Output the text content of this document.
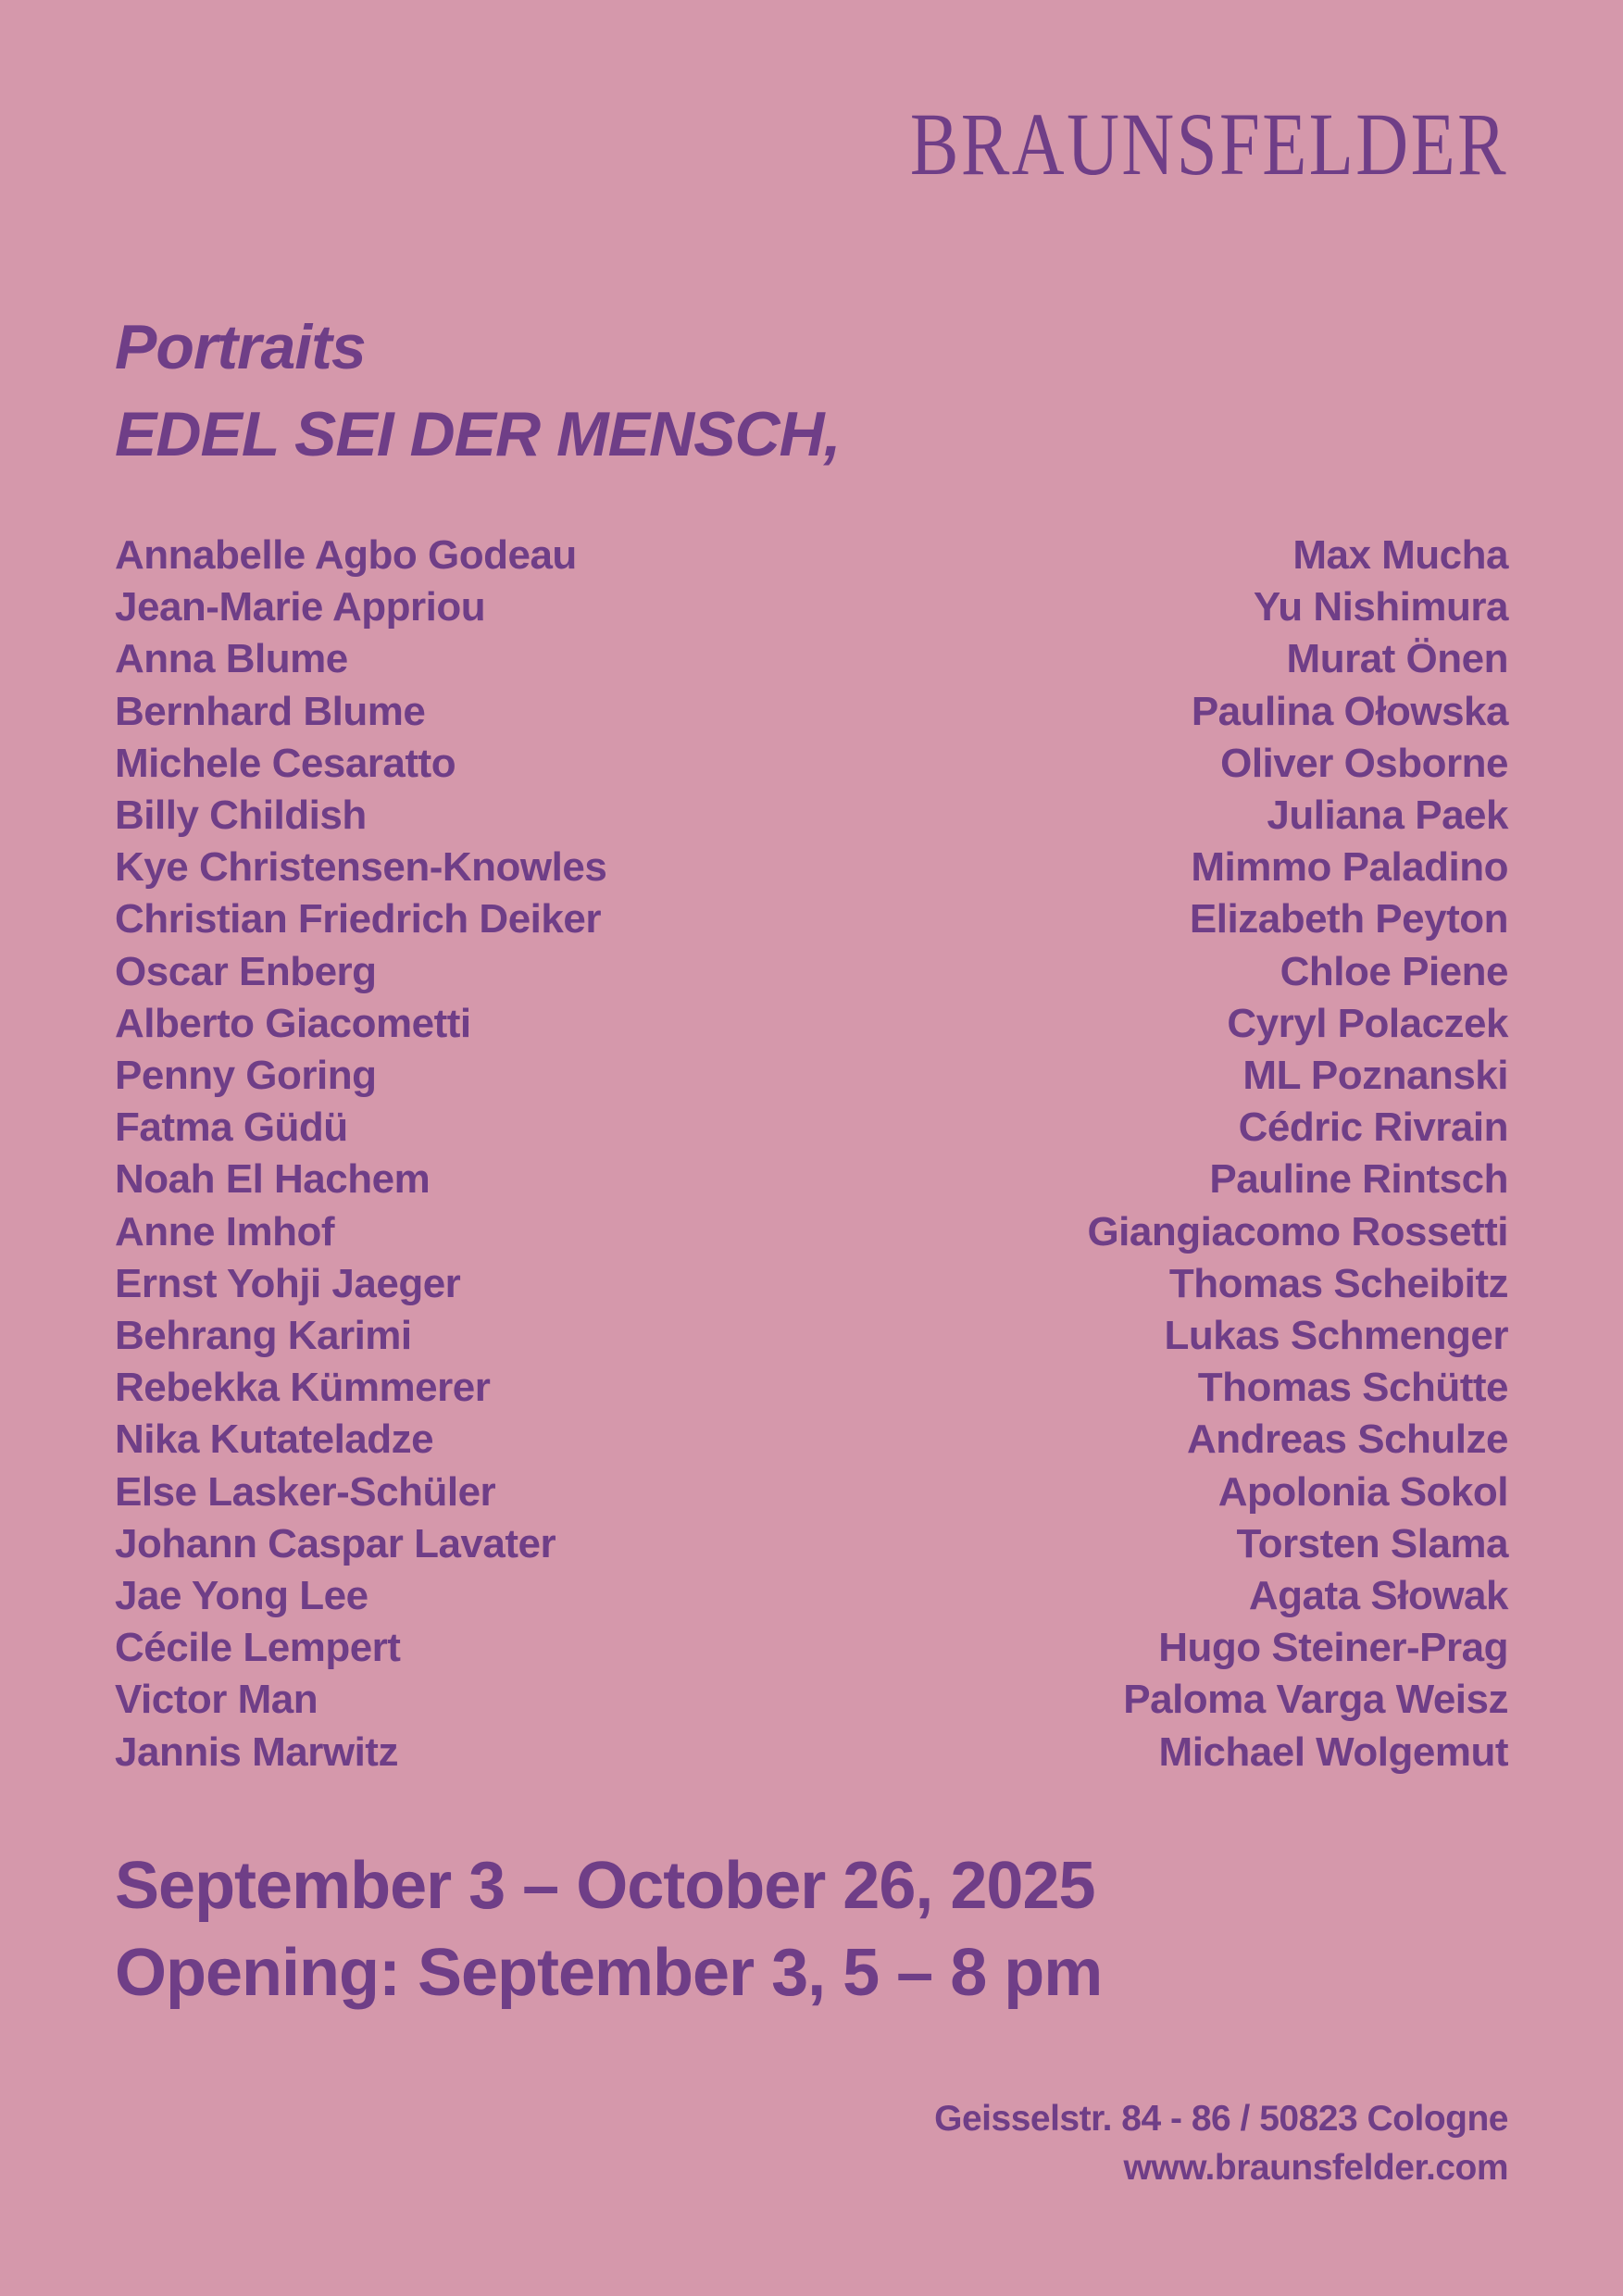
BRAUNSFELDER
Portraits
EDEL SEI DER MENSCH,
Annabelle Agbo Godeau
Jean-Marie Appriou
Anna Blume
Bernhard Blume
Michele Cesaratto
Billy Childish
Kye Christensen-Knowles
Christian Friedrich Deiker
Oscar Enberg
Alberto Giacometti
Penny Goring
Fatma Güdü
Noah El Hachem
Anne Imhof
Ernst Yohji Jaeger
Behrang Karimi
Rebekka Kümmerer
Nika Kutateladze
Else Lasker-Schüler
Johann Caspar Lavater
Jae Yong Lee
Cécile Lempert
Victor Man
Jannis Marwitz
Max Mucha
Yu Nishimura
Murat Önen
Paulina Ołowska
Oliver Osborne
Juliana Paek
Mimmo Paladino
Elizabeth Peyton
Chloe Piene
Cyryl Polaczek
ML Poznanski
Cédric Rivrain
Pauline Rintsch
Giangiacomo Rossetti
Thomas Scheibitz
Lukas Schmenger
Thomas Schütte
Andreas Schulze
Apolonia Sokol
Torsten Slama
Agata Słowak
Hugo Steiner-Prag
Paloma Varga Weisz
Michael Wolgemut
September 3 – October 26, 2025
Opening: September 3, 5 – 8 pm
Geisselstr. 84 - 86 / 50823 Cologne
www.braunsfelder.com
